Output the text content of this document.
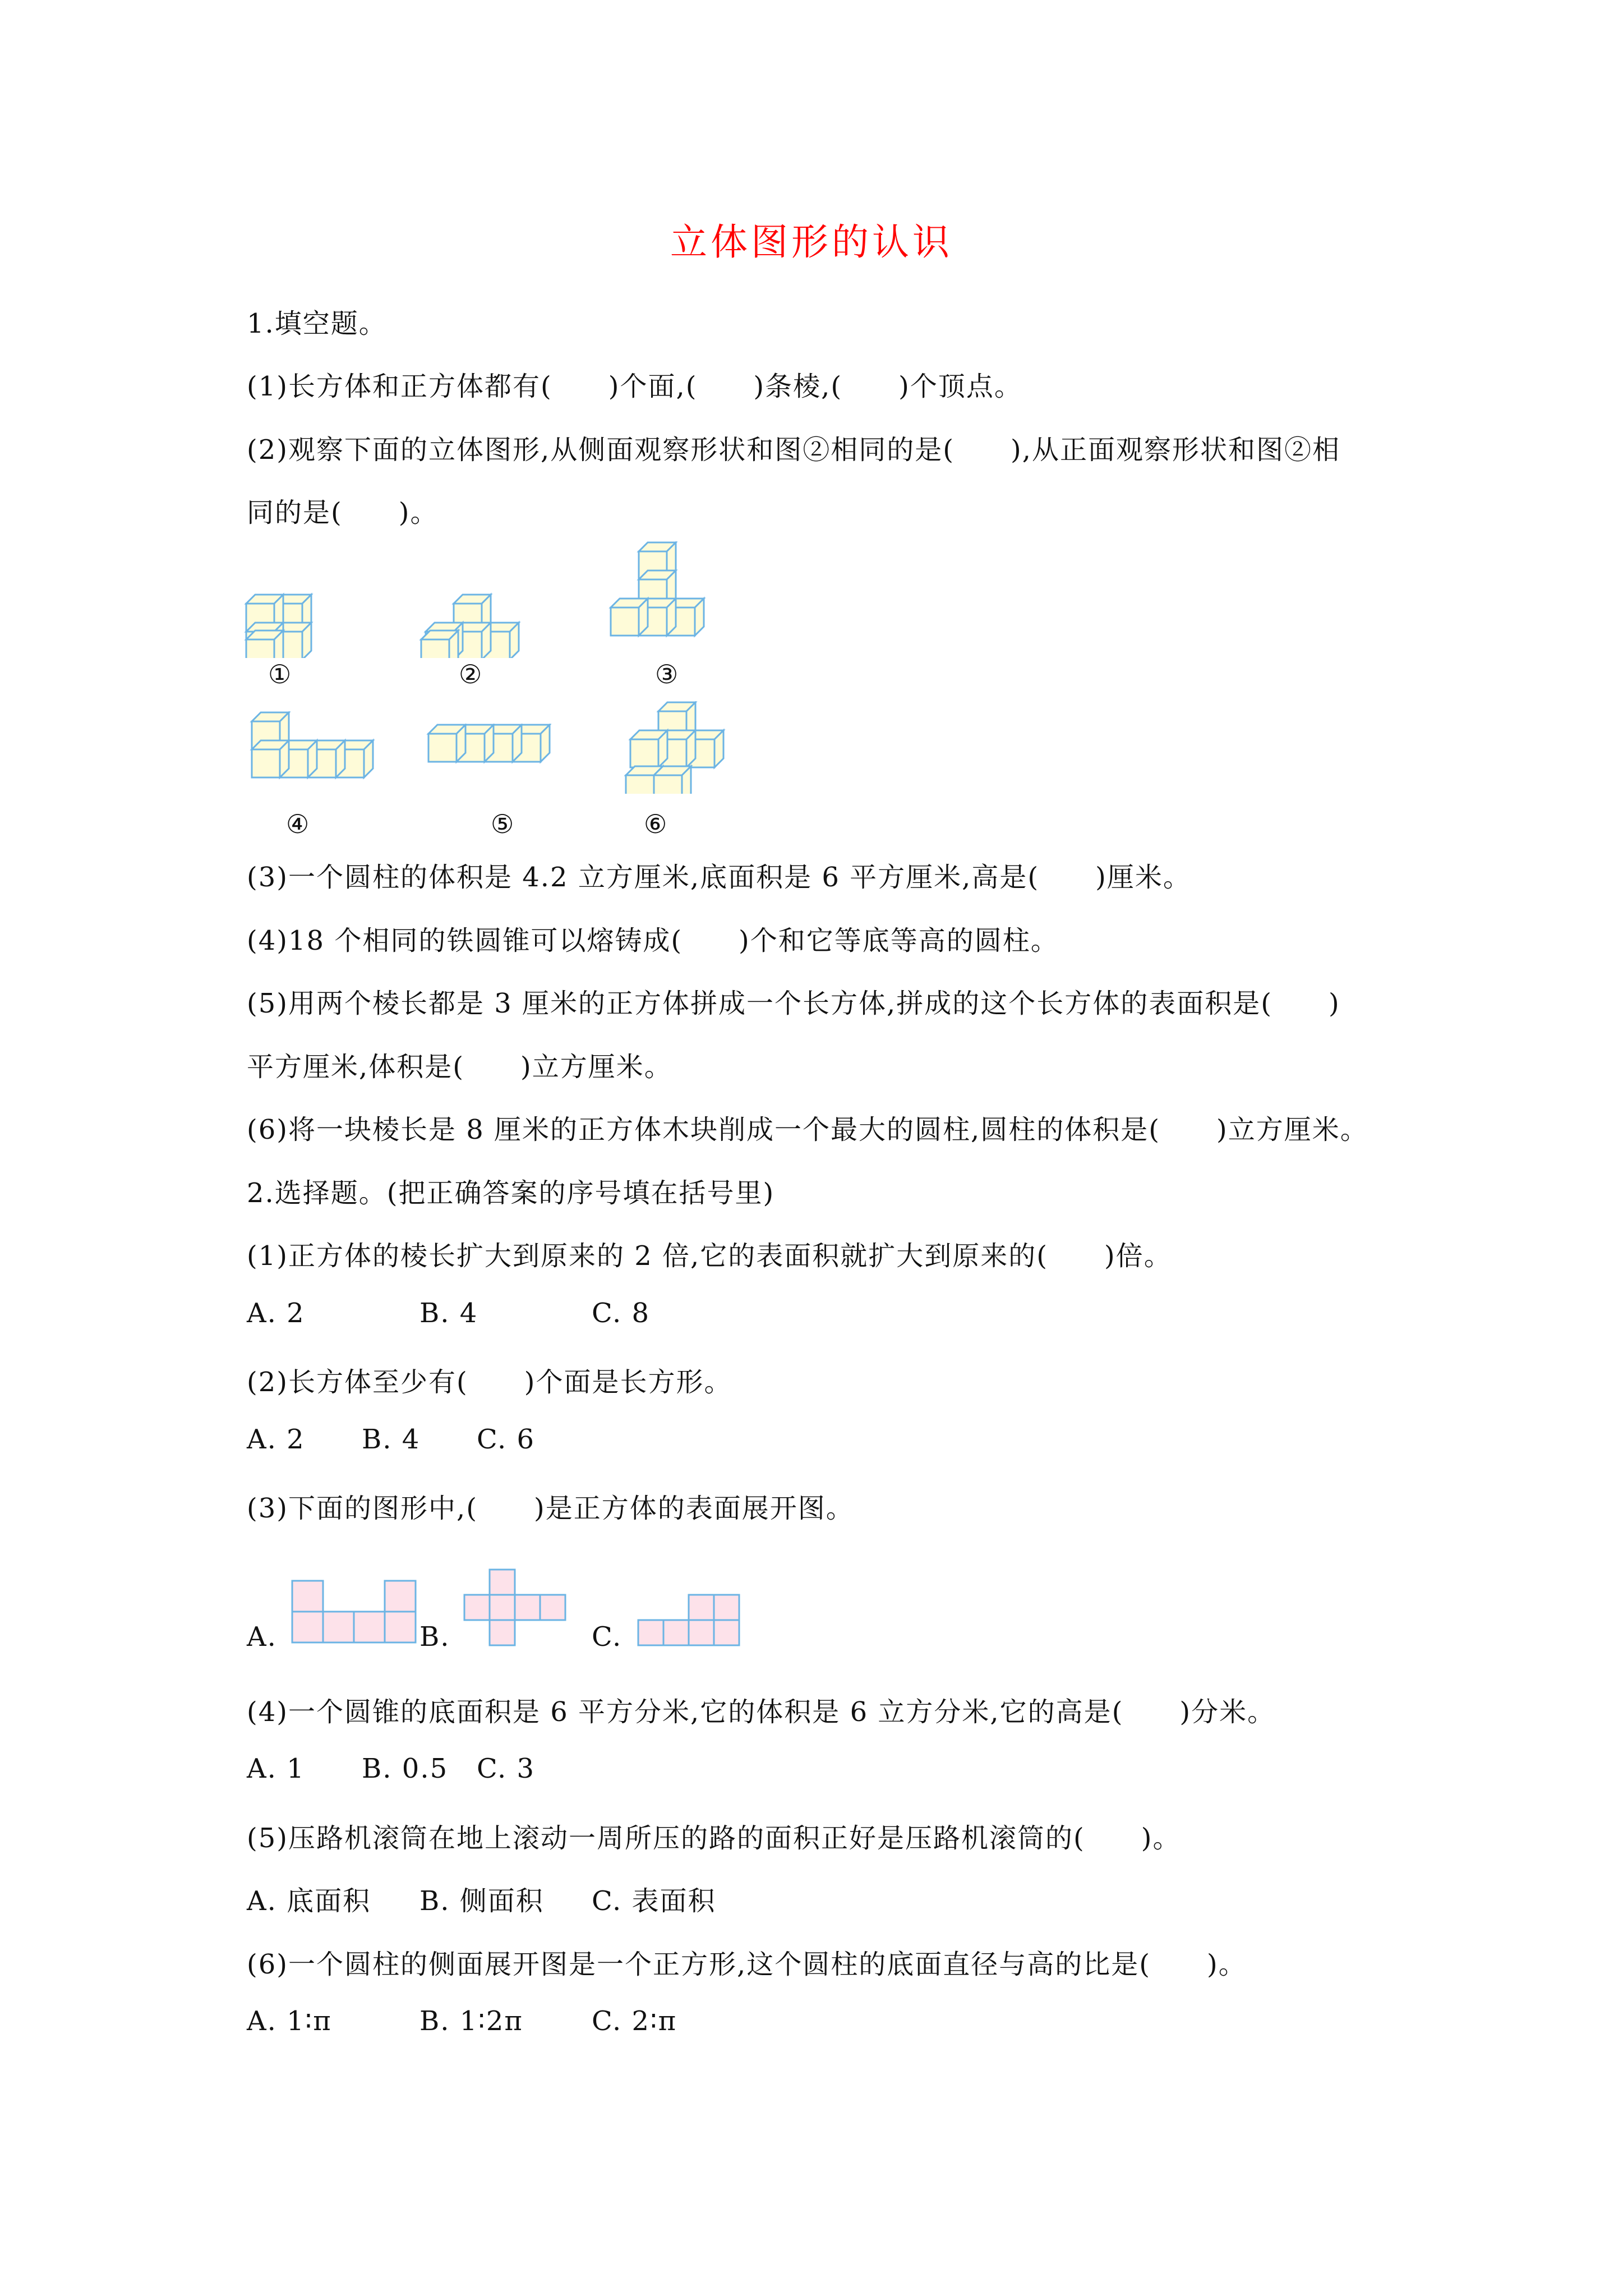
立体图形的认识
1.填空题。
(1)长方体和正方体都有(　　)个面,(　　)条棱,(　　)个顶点。
(2)观察下面的立体图形,从侧面观察形状和图②相同的是(　　),从正面观察形状和图②相
同的是(　　)。
①	②	③
④	⑤	⑥
(3)一个圆柱的体积是 4.2 立方厘米,底面积是 6 平方厘米,高是(　　)厘米。
(4)18 个相同的铁圆锥可以熔铸成(　　)个和它等底等高的圆柱。
(5)用两个棱长都是 3 厘米的正方体拼成一个长方体,拼成的这个长方体的表面积是(　　)
平方厘米,体积是(　　)立方厘米。
(6)将一块棱长是 8 厘米的正方体木块削成一个最大的圆柱,圆柱的体积是(　　)立方厘米。
2.选择题。(把正确答案的序号填在括号里)
(1)正方体的棱长扩大到原来的 2 倍,它的表面积就扩大到原来的(　　)倍。
A. 2	B. 4	C. 8
(2)长方体至少有(　　)个面是长方形。
A. 2 B. 4 C. 6
(3)下面的图形中,(　　)是正方体的表面展开图。
A.	B.	C.
(4)一个圆锥的底面积是 6 平方分米,它的体积是 6 立方分米,它的高是(　　)分米。
A. 1 B. 0.5 C. 3
(5)压路机滚筒在地上滚动一周所压的路的面积正好是压路机滚筒的(　　)。
A. 底面积 B. 侧面积 C. 表面积
(6)一个圆柱的侧面展开图是一个正方形,这个圆柱的底面直径与高的比是(　　)。
A. 1∶π	B. 1∶2π	C. 2∶π
